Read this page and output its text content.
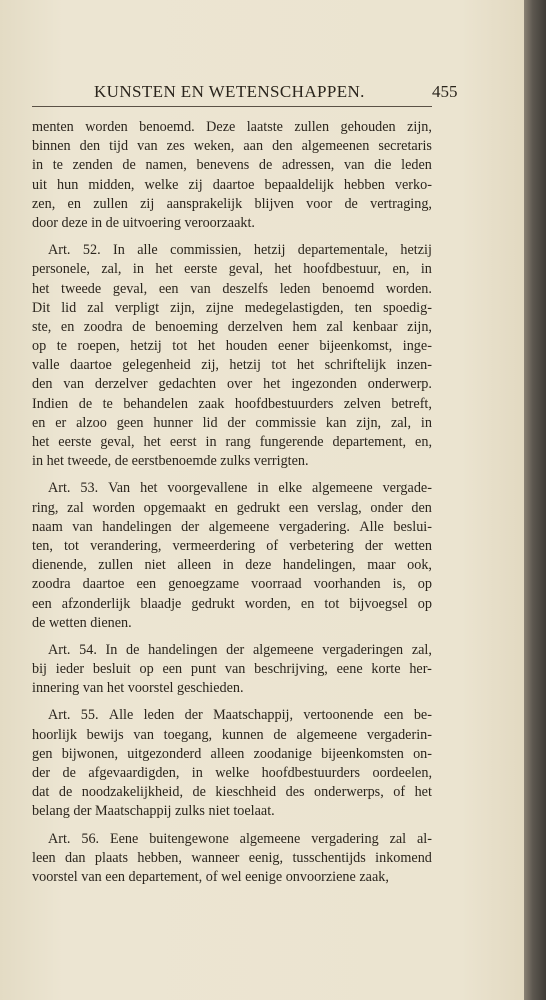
KUNSTEN EN WETENSCHAPPEN.	455
menten worden benoemd. Deze laatste zullen gehouden zijn,
binnen den tijd van zes weken, aan den algemeenen secretaris
in te zenden de namen, benevens de adressen, van die leden
uit hun midden, welke zij daartoe bepaaldelijk hebben verko-
zen, en zullen zij aansprakelijk blijven voor de vertraging,
door deze in de uitvoering veroorzaakt.
Art. 52. In alle commissien, hetzij departementale, hetzij
personele, zal, in het eerste geval, het hoofdbestuur, en, in
het tweede geval, een van deszelfs leden benoemd worden.
Dit lid zal verpligt zijn, zijne medegelastigden, ten spoedig-
ste, en zoodra de benoeming derzelven hem zal kenbaar zijn,
op te roepen, hetzij tot het houden eener bijeenkomst, inge-
valle daartoe gelegenheid zij, hetzij tot het schriftelijk inzen-
den van derzelver gedachten over het ingezonden onderwerp.
Indien de te behandelen zaak hoofdbestuurders zelven betreft,
en er alzoo geen hunner lid der commissie kan zijn, zal, in
het eerste geval, het eerst in rang fungerende departement, en,
in het tweede, de eerstbenoemde zulks verrigten.
Art. 53. Van het voorgevallene in elke algemeene vergade-
ring, zal worden opgemaakt en gedrukt een verslag, onder den
naam van handelingen der algemeene vergadering. Alle beslui-
ten, tot verandering, vermeerdering of verbetering der wetten
dienende, zullen niet alleen in deze handelingen, maar ook,
zoodra daartoe een genoegzame voorraad voorhanden is, op
een afzonderlijk blaadje gedrukt worden, en tot bijvoegsel op
de wetten dienen.
Art. 54. In de handelingen der algemeene vergaderingen zal,
bij ieder besluit op een punt van beschrijving, eene korte her-
innering van het voorstel geschieden.
Art. 55. Alle leden der Maatschappij, vertoonende een be-
hoorlijk bewijs van toegang, kunnen de algemeene vergaderin-
gen bijwonen, uitgezonderd alleen zoodanige bijeenkomsten on-
der de afgevaardigden, in welke hoofdbestuurders oordeelen,
dat de noodzakelijkheid, de kieschheid des onderwerps, of het
belang der Maatschappij zulks niet toelaat.
Art. 56. Eene buitengewone algemeene vergadering zal al-
leen dan plaats hebben, wanneer eenig, tusschentijds inkomend
voorstel van een departement, of wel eenige onvoorziene zaak,
